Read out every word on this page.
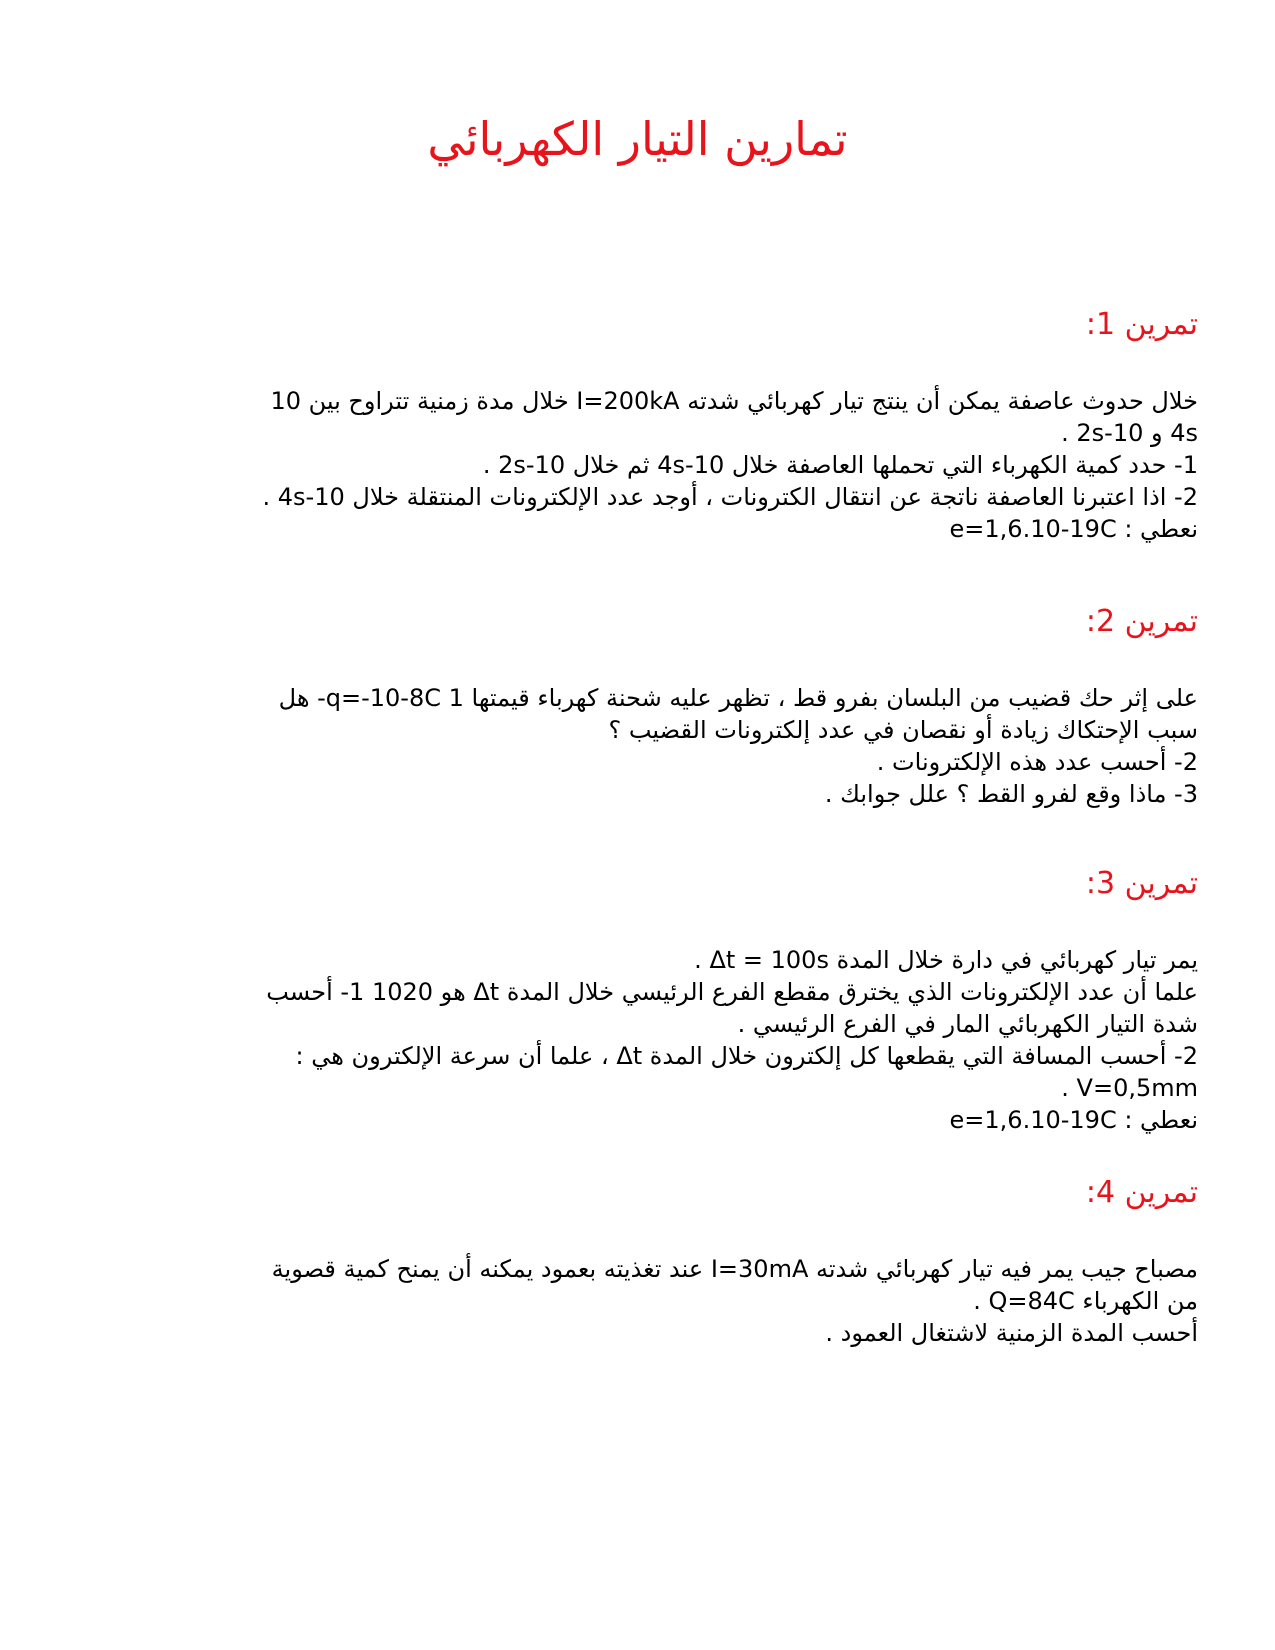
تمارين التيار الكهربائي
تمرين 1:
خلال حدوث عاصفة يمكن أن ينتج تيار كهربائي شدته I=200kA خلال مدة زمنية تتراوح بين 10
4s و 10-2s .
1- حدد كمية الكهرباء التي تحملها العاصفة خلال 10-4s ثم خلال 10-2s .
2- اذا اعتبرنا العاصفة ناتجة عن انتقال الكترونات ، أوجد عدد الإلكترونات المنتقلة خلال 10-4s .
نعطي : e=1,6.10-19C
تمرين 2:
على إثر حك قضيب من البلسان بفرو قط ، تظهر عليه شحنة كهرباء قيمتها q=-10-8C 1- هل
سبب الإحتكاك زيادة أو نقصان في عدد إلكترونات القضيب ؟
2- أحسب عدد هذه الإلكترونات .
3- ماذا وقع لفرو القط ؟ علل جوابك .
تمرين 3:
يمر تيار كهربائي في دارة خلال المدة Δt = 100s .
علما أن عدد الإلكترونات الذي يخترق مقطع الفرع الرئيسي خلال المدة Δt هو 1020 1- أحسب
شدة التيار الكهربائي المار في الفرع الرئيسي .
2- أحسب المسافة التي يقطعها كل إلكترون خلال المدة Δt ، علما أن سرعة الإلكترون هي :
V=0,5mm .
نعطي : e=1,6.10-19C
تمرين 4:
مصباح جيب يمر فيه تيار كهربائي شدته I=30mA عند تغذيته بعمود يمكنه أن يمنح كمية قصوية
من الكهرباء Q=84C .
أحسب المدة الزمنية لاشتغال العمود .
